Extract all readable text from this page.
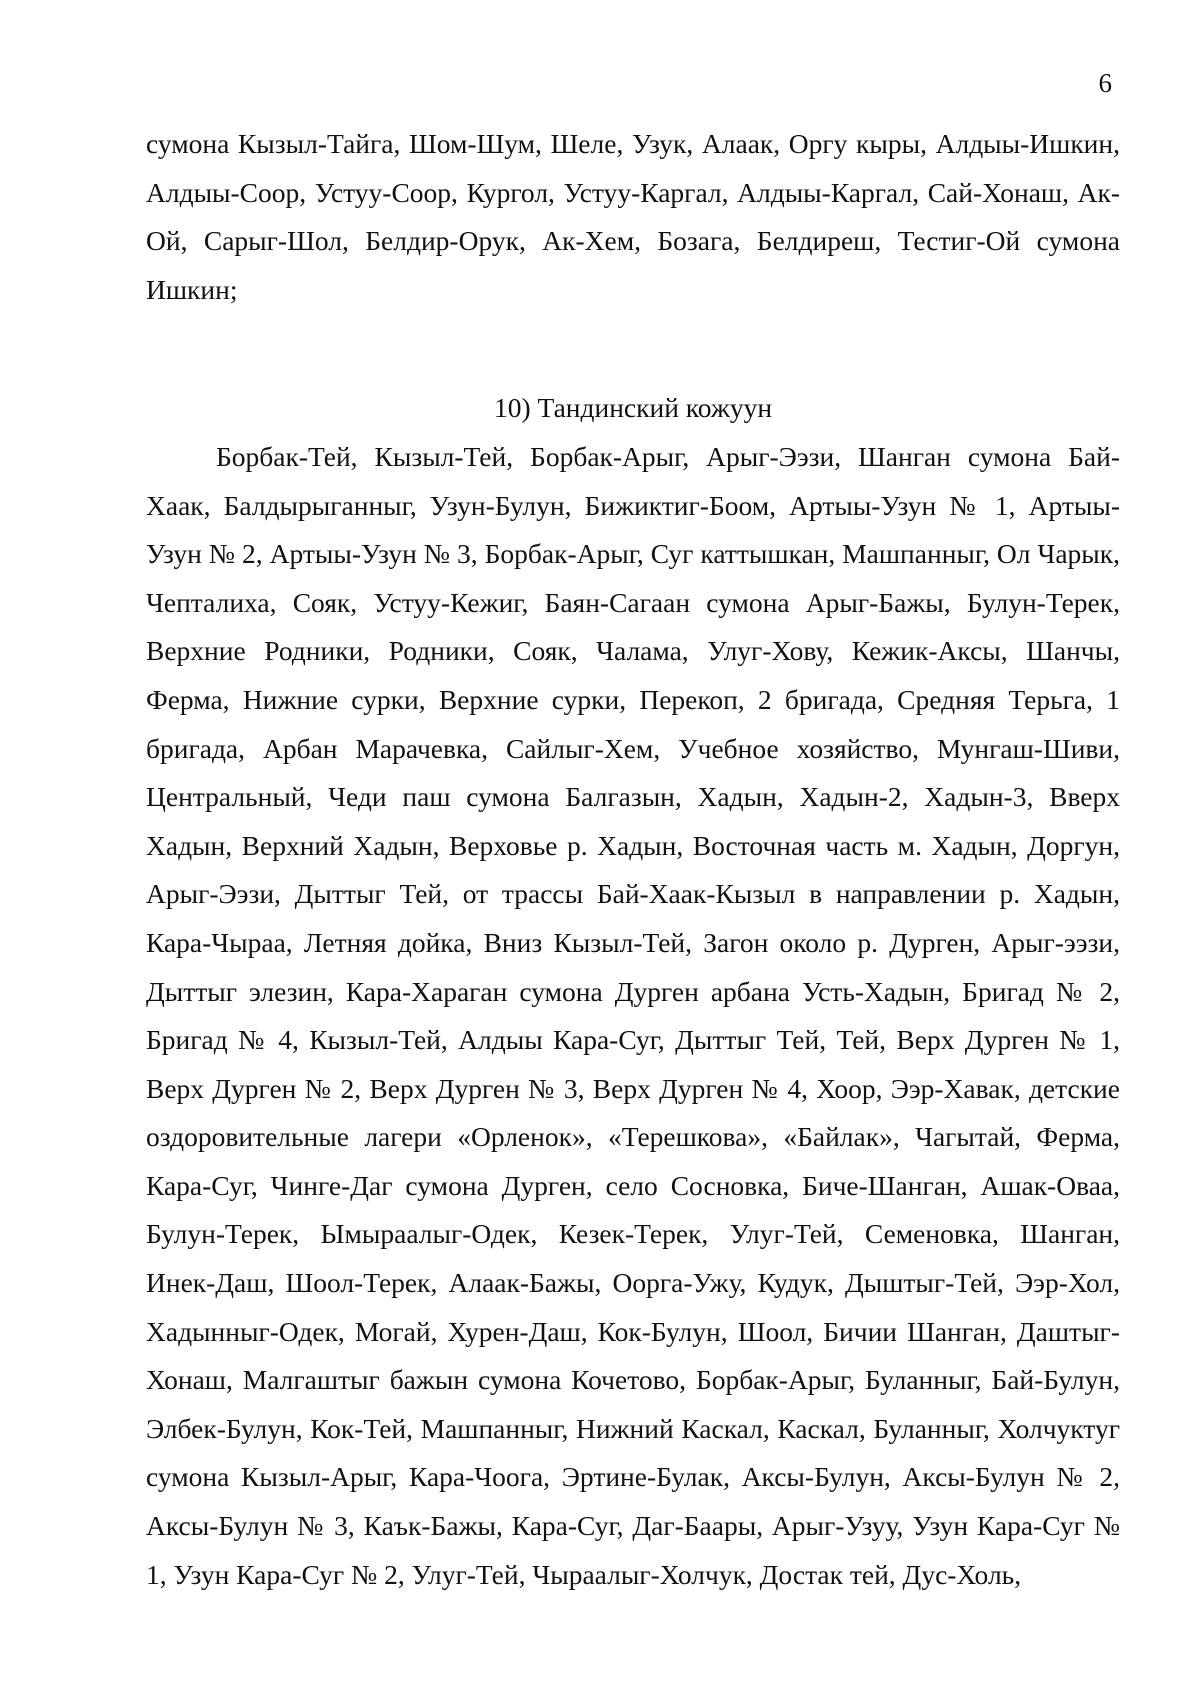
6

сумона Кызыл-Тайга, Шом-Шум, Шеле, Узук, Алаак, Оргу кыры, Алдыы-Ишкин, Алдыы-Соор, Устуу-Соор, Кургол, Устуу-Каргал, Алдыы-Каргал, Сай-Хонаш, Ак-Ой, Сарыг-Шол, Белдир-Орук, Ак-Хем, Бозага, Белдиреш, Тестиг-Ой сумона Ишкин;

10) Тандинский кожуун

Борбак-Тей, Кызыл-Тей, Борбак-Арыг, Арыг-Ээзи, Шанган сумона Бай-Хаак, Балдырыганныг, Узун-Булун, Бижиктиг-Боом, Артыы-Узун № 1, Артыы-Узун № 2, Артыы-Узун № 3, Борбак-Арыг, Суг каттышкан, Машпанныг, Ол Чарык, Чепталиха, Сояк, Устуу-Кежиг, Баян-Сагаан сумона Арыг-Бажы, Булун-Терек, Верхние Родники, Родники, Сояк, Чалама, Улуг-Хову, Кежик-Аксы, Шанчы, Ферма, Нижние сурки, Верхние сурки, Перекоп, 2 бригада, Средняя Терьга, 1 бригада, Арбан Марачевка, Сайлыг-Хем, Учебное хозяйство, Мунгаш-Шиви, Центральный, Чеди паш сумона Балгазын, Хадын, Хадын-2, Хадын-3, Вверх Хадын, Верхний Хадын, Верховье р. Хадын, Восточная часть м. Хадын, Доргун, Арыг-Ээзи, Дыттыг Тей, от трассы Бай-Хаак-Кызыл в направлении р. Хадын, Кара-Чыраа, Летняя дойка, Вниз Кызыл-Тей, Загон около р. Дурген, Арыг-ээзи, Дыттыг элезин, Кара-Хараган сумона Дурген арбана Усть-Хадын, Бригад № 2, Бригад № 4, Кызыл-Тей, Алдыы Кара-Суг, Дыттыг Тей, Тей, Верх Дурген № 1, Верх Дурген № 2, Верх Дурген № 3, Верх Дурген № 4, Хоор, Ээр-Хавак, детские оздоровительные лагери «Орленок», «Терешкова», «Байлак», Чагытай, Ферма, Кара-Суг, Чинге-Даг сумона Дурген, село Сосновка, Биче-Шанган, Ашак-Оваа, Булун-Терек, Ымыраалыг-Одек, Кезек-Терек, Улуг-Тей, Семеновка, Шанган, Инек-Даш, Шоол-Терек, Алаак-Бажы, Оорга-Ужу, Кудук, Дыштыг-Тей, Ээр-Хол, Хадынныг-Одек, Могай, Хурен-Даш, Кок-Булун, Шоол, Бичии Шанган, Даштыг-Хонаш, Малгаштыг бажын сумона Кочетово, Борбак-Арыг, Буланныг, Бай-Булун, Элбек-Булун, Кок-Тей, Машпанныг, Нижний Каскал, Каскал, Буланныг, Холчуктуг сумона Кызыл-Арыг, Кара-Чоога, Эртине-Булак, Аксы-Булун, Аксы-Булун № 2, Аксы-Булун № 3, Каък-Бажы, Кара-Суг, Даг-Баары, Арыг-Узуу, Узун Кара-Суг № 1, Узун Кара-Суг № 2, Улуг-Тей, Чыраалыг-Холчук, Достак тей, Дус-Холь,
